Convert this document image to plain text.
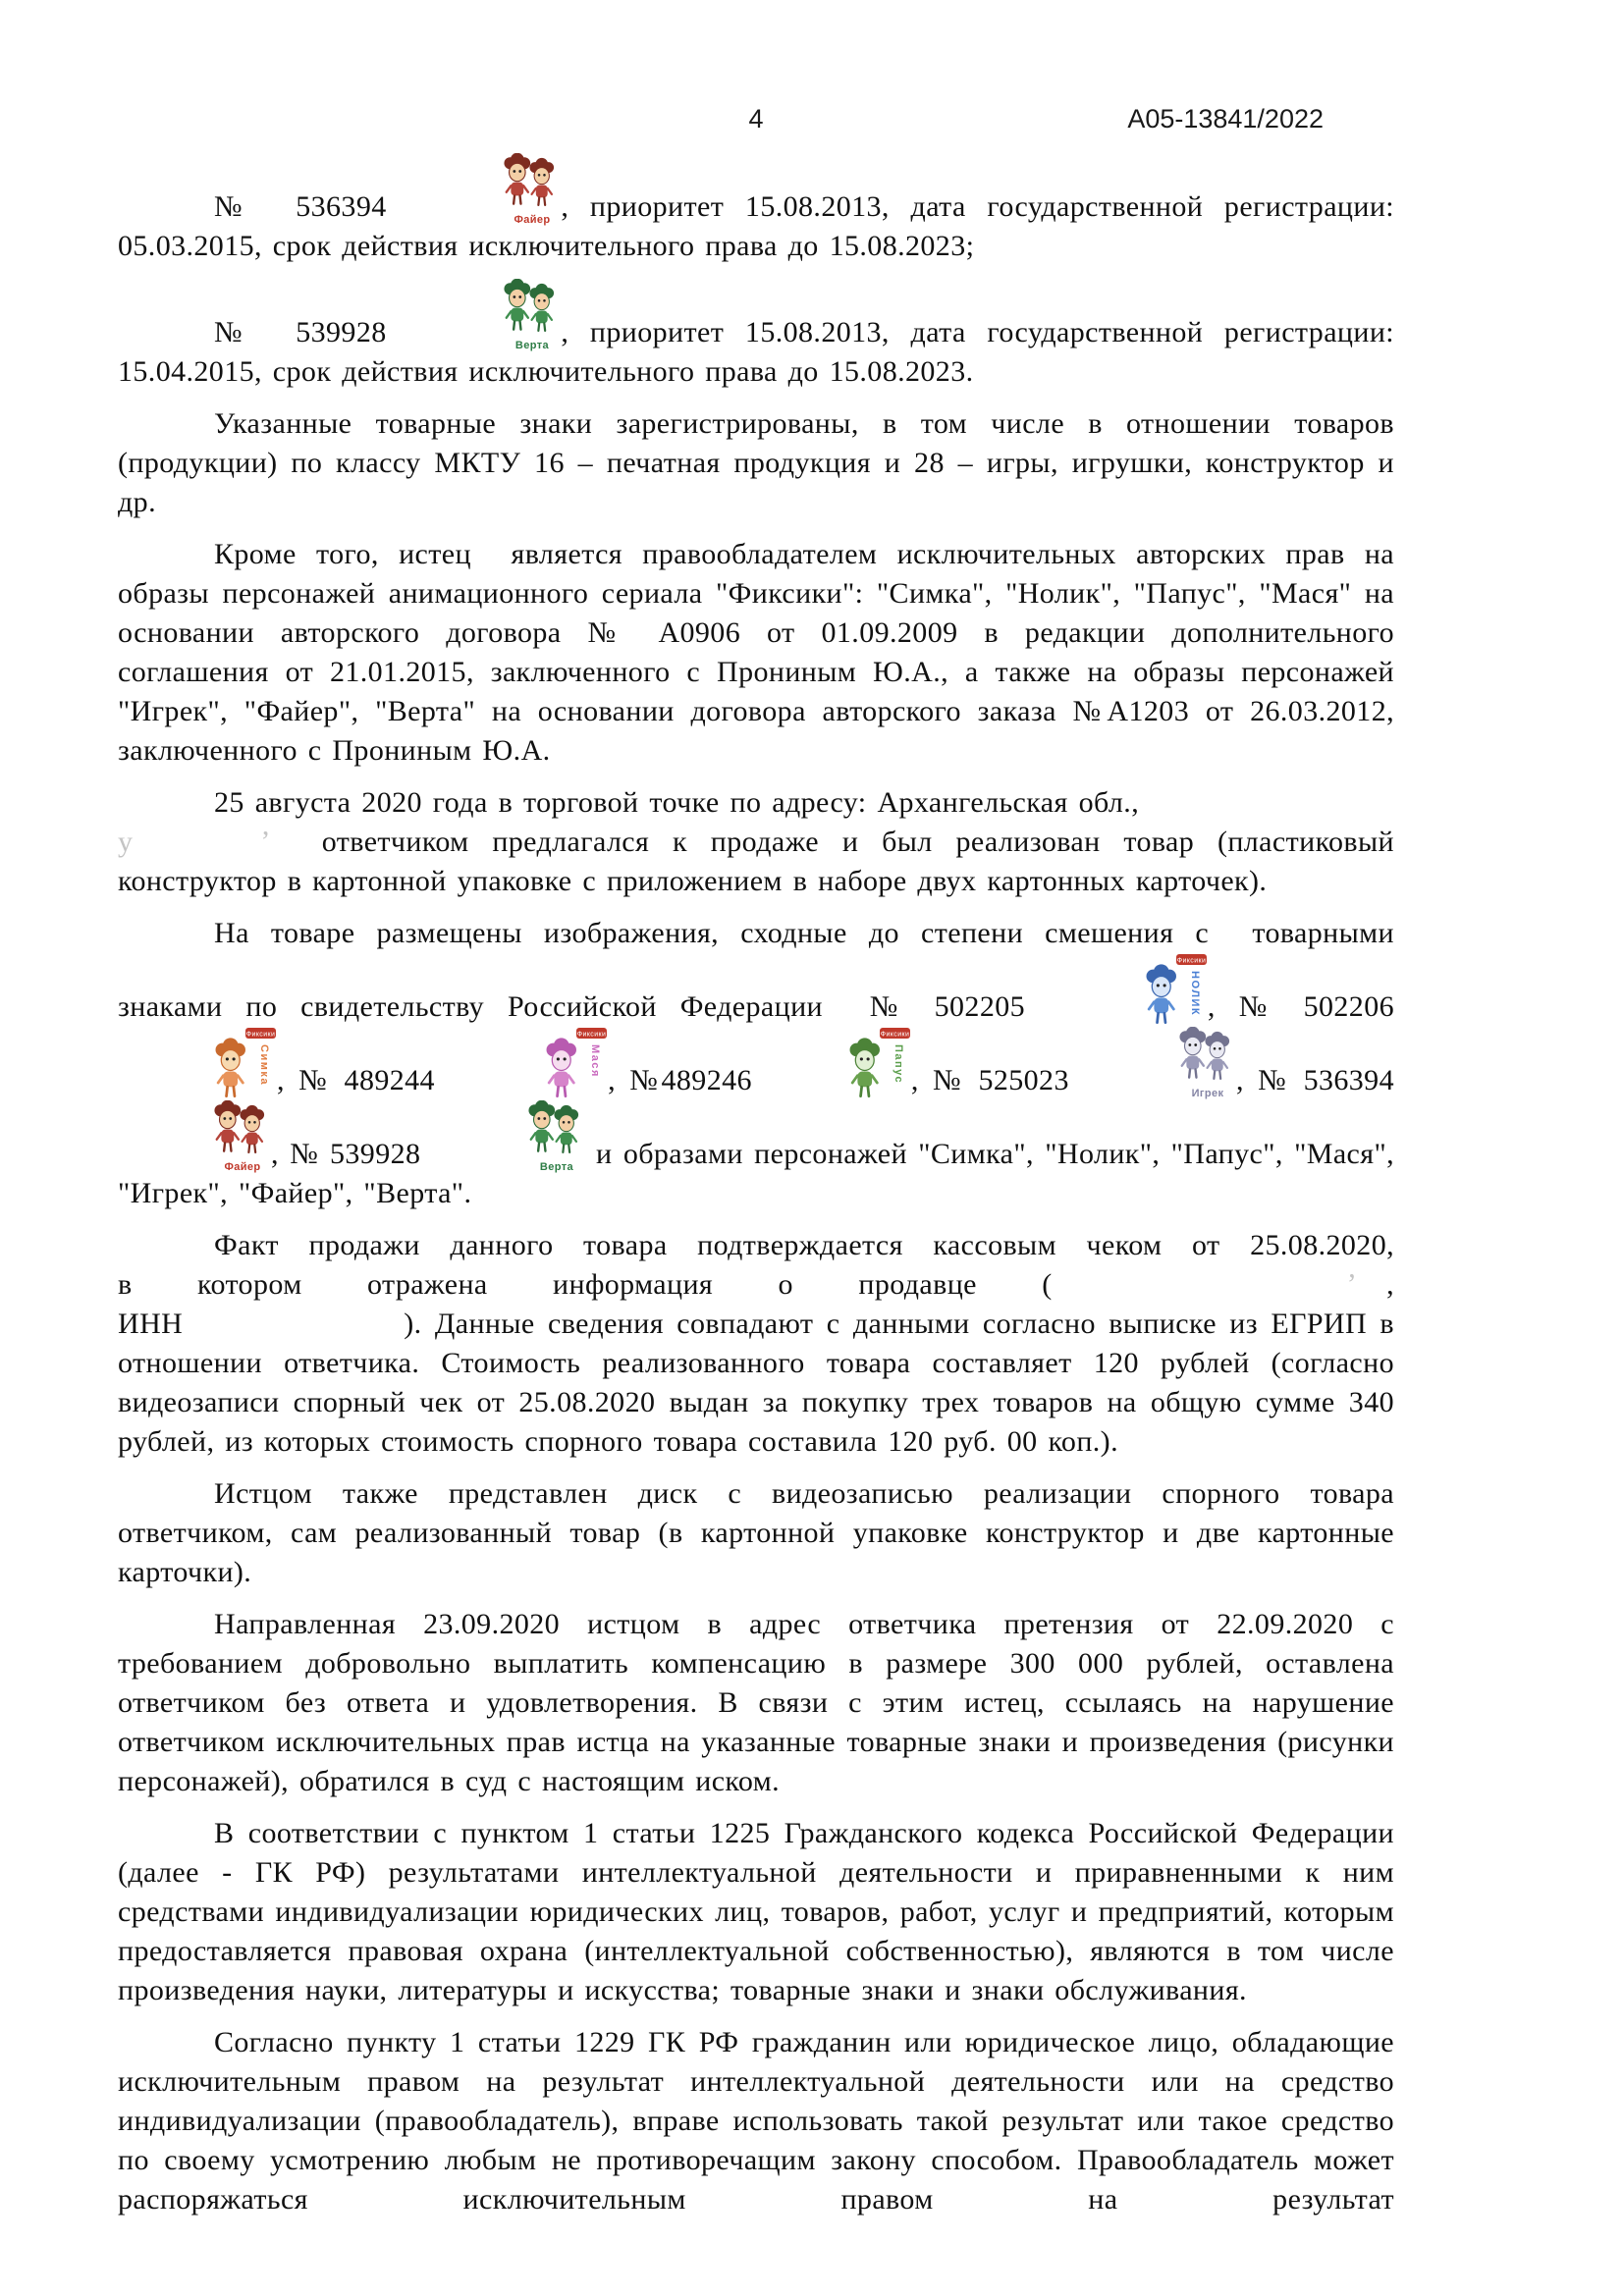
4	А05-13841/2022

№  536394	Файер , приоритет 15.08.2013, дата государственной регистрации: 05.03.2015, срок действия исключительного права до 15.08.2023;

№  539928	Верта , приоритет 15.08.2013, дата государственной регистрации: 15.04.2015, срок действия исключительного права до 15.08.2023.

Указанные товарные знаки зарегистрированы, в том числе в отношении товаров (продукции) по классу МКТУ 16 – печатная продукция и 28 – игры, игрушки, конструктор и др.

Кроме того, истец  является правообладателем исключительных авторских прав на образы персонажей анимационного сериала "Фиксики": "Симка", "Нолик", "Папус", "Мася" на основании авторского договора № А0906 от 01.09.2009 в редакции дополнительного соглашения от 21.01.2015, заключенного с Прониным Ю.А., а также на образы персонажей "Игрек", "Файер", "Верта" на основании договора авторского заказа №А1203 от 26.03.2012, заключенного с Прониным Ю.А.

25 августа 2020 года в торговой точке по адресу: Архангельская обл.,
у	ʼ ответчиком предлагался к продаже и был реализован товар (пластиковый конструктор в картонной упаковке с приложением в наборе двух картонных карточек).

На товаре размещены изображения, сходные до степени смешения с  товарными знаками по свидетельству Российской Федерации  № 502205
Фиксики
НОЛИК , № 502206
Фиксики
Симка , № 489244
Фиксики
Мася
, №489246
Фиксики
Папус , № 525023	Игрек , № 536394
Файер , № 539928	Верта и образами персонажей "Симка", "Нолик", "Папус", "Мася", "Игрек", "Файер", "Верта".

Факт продажи данного товара подтверждается кассовым чеком от 25.08.2020,
в котором отражена информация о продавце (	ʼ ,
ИНН	). Данные сведения совпадают с данными согласно выписке из ЕГРИП в отношении ответчика. Стоимость реализованного товара составляет 120 рублей (согласно видеозаписи спорный чек от 25.08.2020 выдан за покупку трех товаров на общую сумме 340 рублей, из которых стоимость спорного товара составила 120 руб. 00 коп.).

Истцом также представлен диск с видеозаписью реализации спорного товара ответчиком, сам реализованный товар (в картонной упаковке конструктор и две картонные карточки).

Направленная 23.09.2020 истцом в адрес ответчика претензия от 22.09.2020 с требованием добровольно выплатить компенсацию в размере 300 000 рублей, оставлена ответчиком без ответа и удовлетворения. В связи с этим истец, ссылаясь на нарушение ответчиком исключительных прав истца на указанные товарные знаки и произведения (рисунки персонажей), обратился в суд с настоящим иском.

В соответствии с пунктом 1 статьи 1225 Гражданского кодекса Российской Федерации (далее - ГК РФ) результатами интеллектуальной деятельности и приравненными к ним средствами индивидуализации юридических лиц, товаров, работ, услуг и предприятий, которым предоставляется правовая охрана (интеллектуальной собственностью), являются в том числе произведения науки, литературы и искусства; товарные знаки и знаки обслуживания.

Согласно пункту 1 статьи 1229 ГК РФ гражданин или юридическое лицо, обладающие исключительным правом на результат интеллектуальной деятельности или на средство индивидуализации (правообладатель), вправе использовать такой результат или такое средство по своему усмотрению любым не противоречащим закону способом. Правообладатель может распоряжаться исключительным правом на результат
